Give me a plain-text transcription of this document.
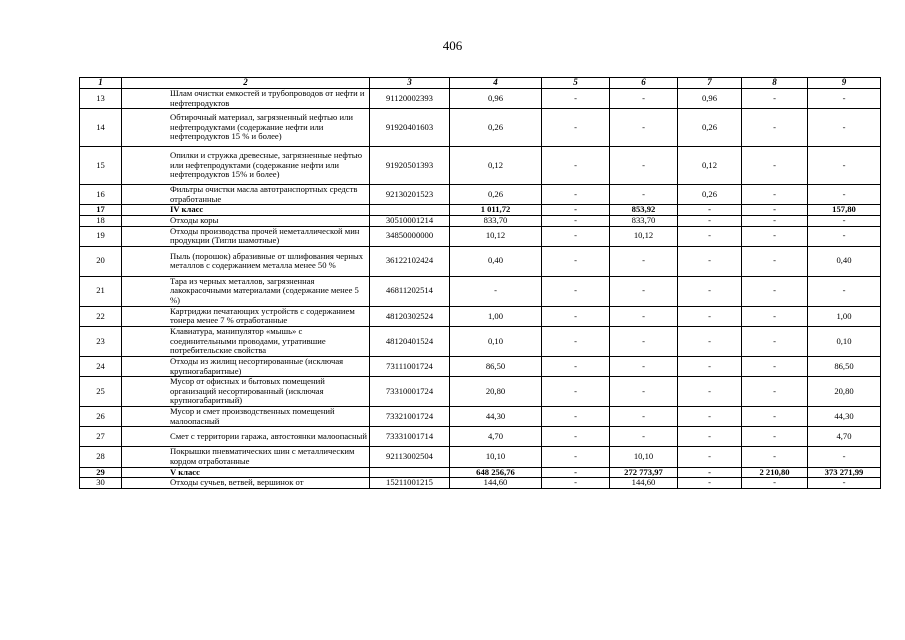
406
1	2	3	4	5	6	7	8	9
13	Шлам очистки емкостей и трубопроводов от нефти и нефтепродуктов	91120002393	0,96	-	-	0,96	-	-
14	Обтирочный материал, загрязненный нефтью или нефтепродуктами (содержание нефти или нефтепродуктов 15 % и более)	91920401603	0,26	-	-	0,26	-	-
15	Опилки и стружка древесные, загрязненные нефтью или нефтепродуктами (содержание нефти или нефтепродуктов 15% и более)	91920501393	0,12	-	-	0,12	-	-
16	Фильтры очистки масла автотранспортных средств отработанные	92130201523	0,26	-	-	0,26	-	-
17	IV класс		1 011,72	-	853,92	-	-	157,80
18	Отходы коры	30510001214	833,70	-	833,70	-	-	-
19	Отходы производства прочей неметаллической мин продукции (Тигли шамотные)	34850000000	10,12	-	10,12	-	-	-
20	Пыль (порошок) абразивные от шлифования черных металлов с содержанием металла менее 50 %	36122102424	0,40	-	-	-	-	0,40
21	Тара из черных металлов, загрязненная лакокрасочными материалами (содержание менее 5 %)	46811202514	-	-	-	-	-	-
22	Картриджи печатающих устройств с содержанием тонера менее 7 % отработанные	48120302524	1,00	-	-	-	-	1,00
23	Клавиатура, манипулятор «мышь» с соединительными проводами, утратившие потребительские свойства	48120401524	0,10	-	-	-	-	0,10
24	Отходы из жилищ несортированные (исключая крупногабаритные)	73111001724	86,50	-	-	-	-	86,50
25	Мусор от офисных и бытовых помещений организаций несортированный (исключая крупногабаритный)	73310001724	20,80	-	-	-	-	20,80
26	Мусор и смет производственных помещений малоопасный	73321001724	44,30	-	-	-	-	44,30
27	Смет с территории гаража, автостоянки малоопасный	73331001714	4,70	-	-	-	-	4,70
28	Покрышки пневматических шин с металлическим кордом отработанные	92113002504	10,10	-	10,10	-	-	-
29	V класс		648 256,76	-	272 773,97	-	2 210,80	373 271,99
30	Отходы сучьев, ветвей, вершинок от	15211001215	144,60	-	144,60	-	-	-
